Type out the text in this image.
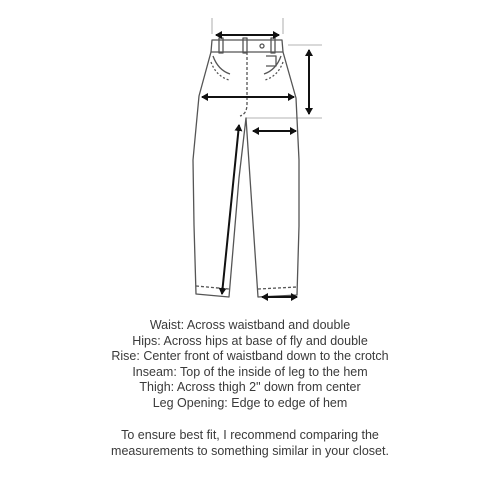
Waist: Across waistband and double
Hips: Across hips at base of fly and double
Rise: Center front of waistband down to the crotch
Inseam: Top of the inside of leg to the hem
Thigh: Across thigh 2" down from center
Leg Opening: Edge to edge of hem
To ensure best fit, I recommend comparing the
measurements to something similar in your closet.
